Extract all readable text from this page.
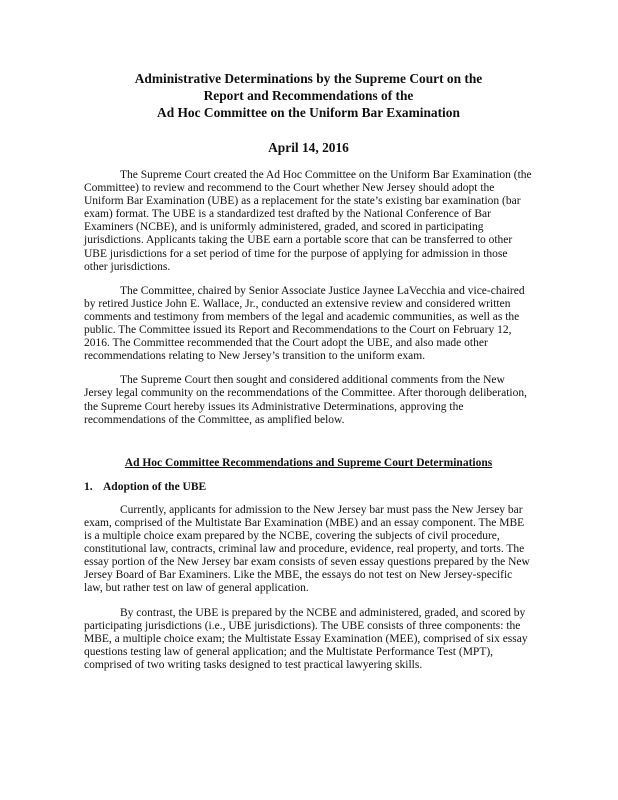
Administrative Determinations by the Supreme Court on the

Report and Recommendations of the

Ad Hoc Committee on the Uniform Bar Examination

April 14, 2016

The Supreme Court created the Ad Hoc Committee on the Uniform Bar Examination (the Committee) to review and recommend to the Court whether New Jersey should adopt the Uniform Bar Examination (UBE) as a replacement for the state’s existing bar examination (bar exam) format. The UBE is a standardized test drafted by the National Conference of Bar Examiners (NCBE), and is uniformly administered, graded, and scored in participating jurisdictions. Applicants taking the UBE earn a portable score that can be transferred to other UBE jurisdictions for a set period of time for the purpose of applying for admission in those other jurisdictions.

The Committee, chaired by Senior Associate Justice Jaynee LaVecchia and vice-chaired by retired Justice John E. Wallace, Jr., conducted an extensive review and considered written comments and testimony from members of the legal and academic communities, as well as the public. The Committee issued its Report and Recommendations to the Court on February 12, 2016. The Committee recommended that the Court adopt the UBE, and also made other recommendations relating to New Jersey’s transition to the uniform exam.

The Supreme Court then sought and considered additional comments from the New Jersey legal community on the recommendations of the Committee. After thorough deliberation, the Supreme Court hereby issues its Administrative Determinations, approving the recommendations of the Committee, as amplified below.

Ad Hoc Committee Recommendations and Supreme Court Determinations

1. Adoption of the UBE

Currently, applicants for admission to the New Jersey bar must pass the New Jersey bar exam, comprised of the Multistate Bar Examination (MBE) and an essay component. The MBE is a multiple choice exam prepared by the NCBE, covering the subjects of civil procedure, constitutional law, contracts, criminal law and procedure, evidence, real property, and torts. The essay portion of the New Jersey bar exam consists of seven essay questions prepared by the New Jersey Board of Bar Examiners. Like the MBE, the essays do not test on New Jersey-specific law, but rather test on law of general application.

By contrast, the UBE is prepared by the NCBE and administered, graded, and scored by participating jurisdictions (i.e., UBE jurisdictions). The UBE consists of three components: the MBE, a multiple choice exam; the Multistate Essay Examination (MEE), comprised of six essay questions testing law of general application; and the Multistate Performance Test (MPT), comprised of two writing tasks designed to test practical lawyering skills.
